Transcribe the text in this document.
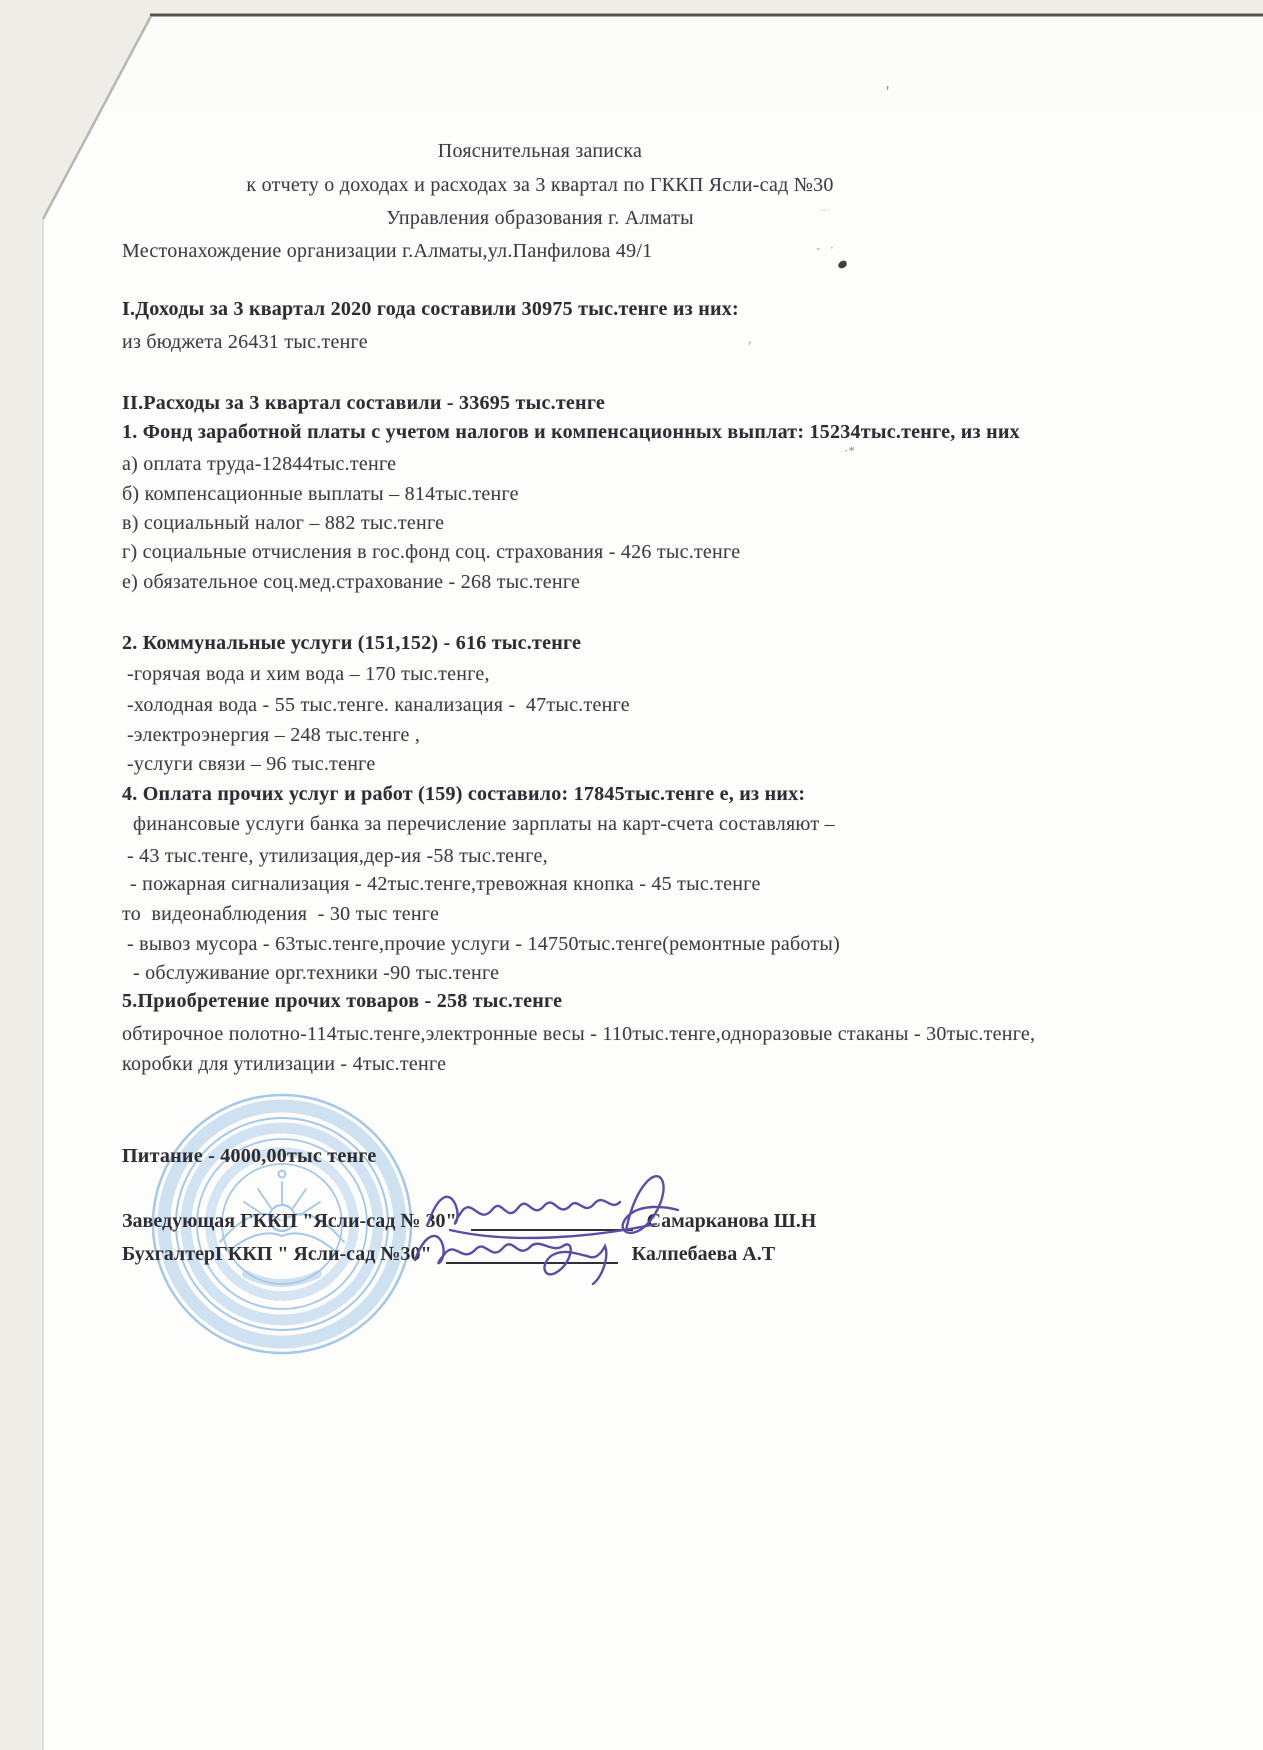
Пояснительная записка
к отчету о доходах и расходах за 3 квартал по ГККП Ясли-сад №30
Управления образования г. Алматы
Местонахождение организации г.Алматы,ул.Панфилова 49/1
I.Доходы за 3 квартал 2020 года составили 30975 тыс.тенге из них:
из бюджета 26431 тыс.тенге
II.Расходы за 3 квартал составили - 33695 тыс.тенге
1. Фонд заработной платы с учетом налогов и компенсационных выплат: 15234тыс.тенге, из них
а) оплата труда-12844тыс.тенге
б) компенсационные выплаты – 814тыс.тенге
в) социальный налог – 882 тыс.тенге
г) социальные отчисления в гос.фонд соц. страхования - 426 тыс.тенге
е) обязательное соц.мед.страхование - 268 тыс.тенге
2. Коммунальные услуги (151,152) - 616 тыс.тенге
-горячая вода и хим вода – 170 тыс.тенге,
-холодная вода - 55 тыс.тенге. канализация -  47тыс.тенге
-электроэнергия – 248 тыс.тенге ,
-услуги связи – 96 тыс.тенге
4. Оплата прочих услуг и работ (159) составило: 17845тыс.тенге е, из них:
финансовые услуги банка за перечисление зарплаты на карт-счета составляют –
- 43 тыс.тенге, утилизация,дер-ия -58 тыс.тенге,
- пожарная сигнализация - 42тыс.тенге,тревожная кнопка - 45 тыс.тенге
то  видеонаблюдения  - 30 тыс тенге
- вывоз мусора - 63тыс.тенге,прочие услуги - 14750тыс.тенге(ремонтные работы)
- обслуживание орг.техники -90 тыс.тенге
5.Приобретение прочих товаров - 258 тыс.тенге
обтирочное полотно-114тыс.тенге,электронные весы - 110тыс.тенге,одноразовые стаканы - 30тыс.тенге,
коробки для утилизации - 4тыс.тенге
Питание - 4000,00тыс тенге
Заведующая ГККП "Ясли-сад № 30"	Самарканова Ш.Н
БухгалтерГККП " Ясли-сад №30"	Калпебаева А.Т
'
- ·
~·
·*
,
